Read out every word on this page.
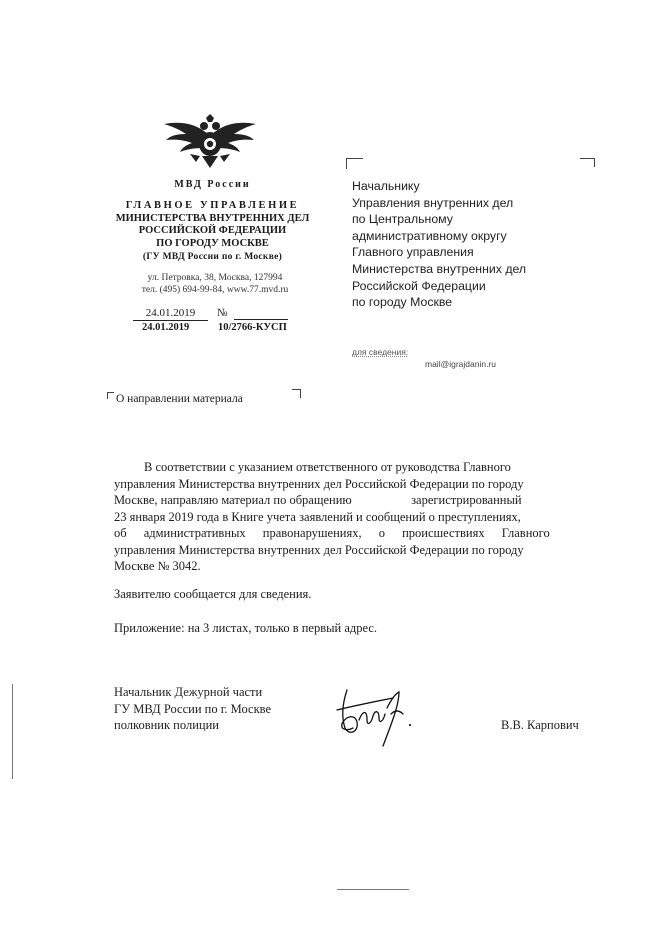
МВД России
ГЛАВНОЕ УПРАВЛЕНИЕ
МИНИСТЕРСТВА ВНУТРЕННИХ ДЕЛ
РОССИЙСКОЙ ФЕДЕРАЦИИ
ПО ГОРОДУ МОСКВЕ
(ГУ МВД России по г. Москве)
ул. Петровка, 38, Москва, 127994
тел. (495) 694-99-84, www.77.mvd.ru
24.01.2019	№
24.01.2019	10/2766-КУСП
Начальнику
Управления внутренних дел
по Центральному
административному округу
Главного управления
Министерства внутренних дел
Российской Федерации
по городу Москве
для сведения:
mail@igrajdanin.ru
О направлении материала
В соответствии с указанием ответственного от руководства Главного
управления Министерства внутренних дел Российской Федерации по городу
Москве, направляю материал по обращению                   зарегистрированный
23 января 2019 года в Книге учета заявлений и сообщений о преступлениях,
об административных правонарушениях, о происшествиях Главного
управления Министерства внутренних дел Российской Федерации по городу
Москве № 3042.
Заявителю сообщается для сведения.
Приложение: на 3 листах, только в первый адрес.
Начальник Дежурной части
ГУ МВД России по г. Москве
полковник полиции	В.В. Карпович
